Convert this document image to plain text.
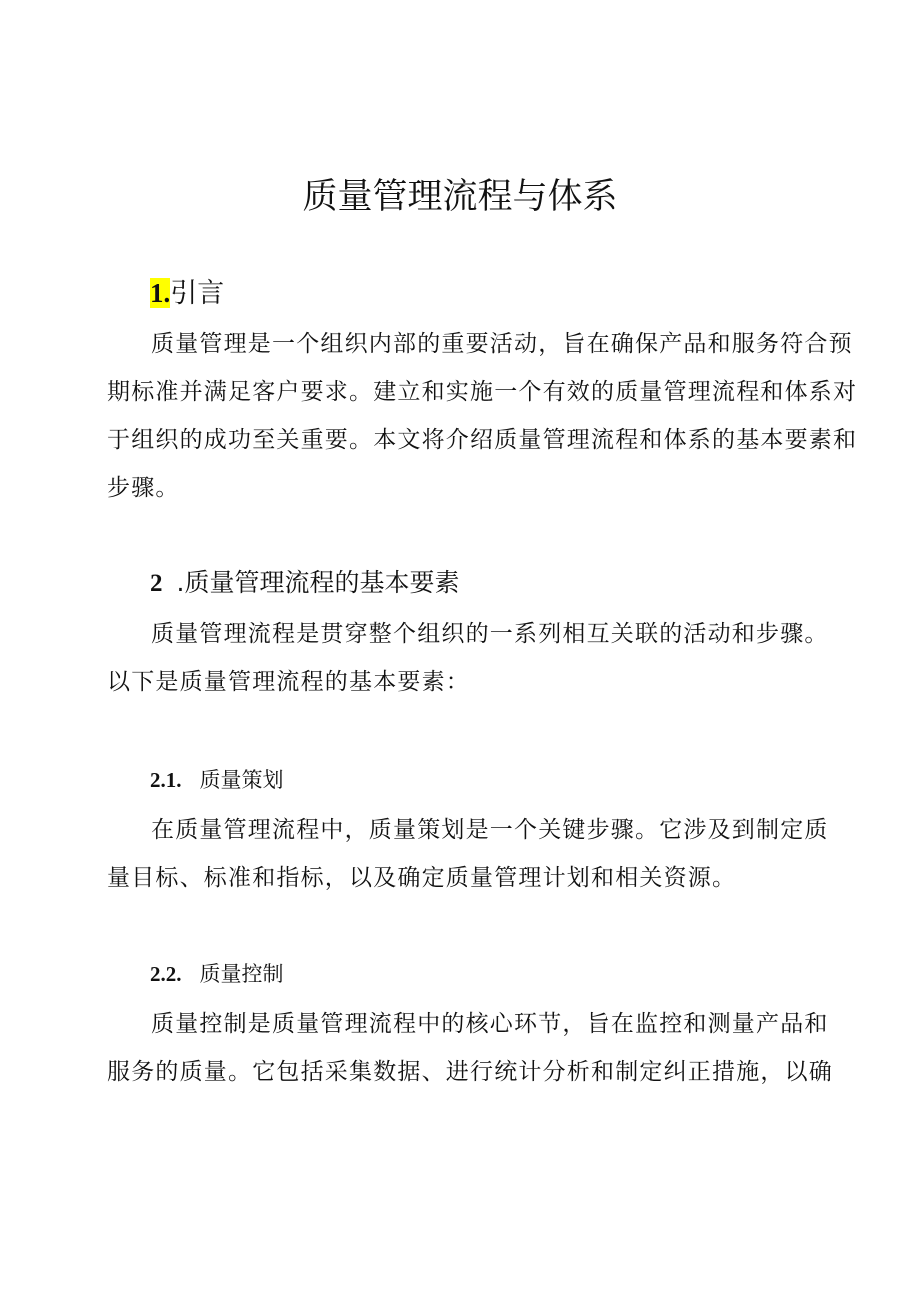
质量管理流程与体系
1.引言
质量管理是一个组织内部的重要活动，旨在确保产品和服务符合预
期标准并满足客户要求。建立和实施一个有效的质量管理流程和体系对
于组织的成功至关重要。本文将介绍质量管理流程和体系的基本要素和
步骤。
2 .质量管理流程的基本要素
质量管理流程是贯穿整个组织的一系列相互关联的活动和步骤。
以下是质量管理流程的基本要素：
2.1. 质量策划
在质量管理流程中，质量策划是一个关键步骤。它涉及到制定质
量目标、标准和指标，以及确定质量管理计划和相关资源。
2.2. 质量控制
质量控制是质量管理流程中的核心环节，旨在监控和测量产品和
服务的质量。它包括采集数据、进行统计分析和制定纠正措施，以确
